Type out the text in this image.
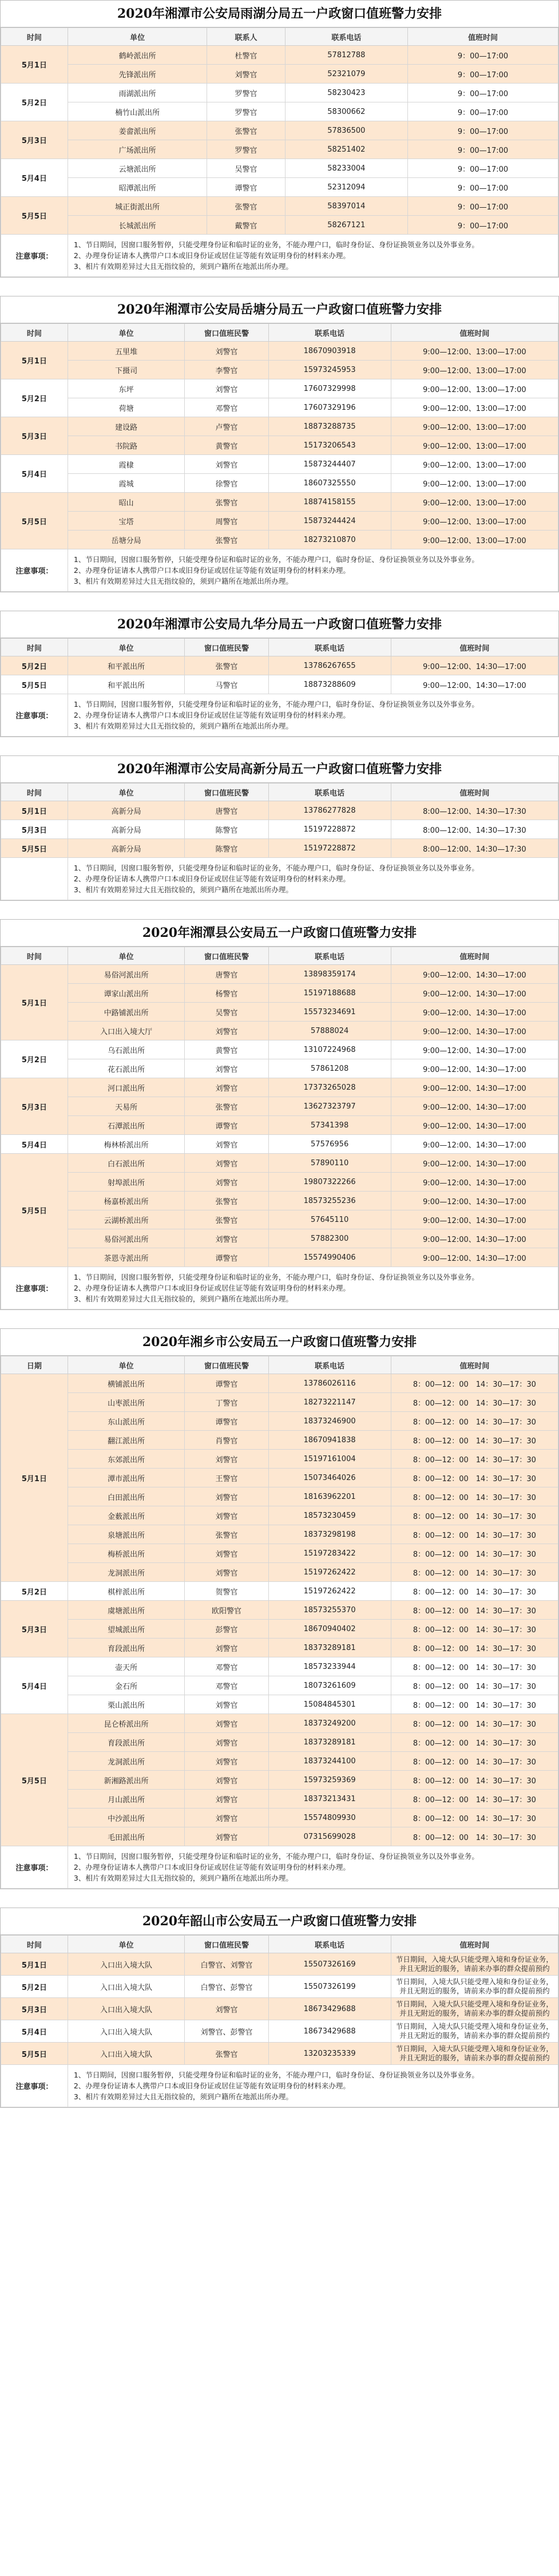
2020年湘潭市公安局雨湖分局五一户政窗口值班警力安排
时间	单位	联系人	联系电话	值班时间
5月1日	鹤岭派出所	杜警官	57812788	9：00—17:00
	先锋派出所	刘警官	52321079	9：00—17:00
5月2日	雨湖派出所	罗警官	58230423	9：00—17:00
	楠竹山派出所	罗警官	58300662	9：00—17:00
5月3日	姜畲派出所	张警官	57836500	9：00—17:00
	广场派出所	罗警官	58251402	9：00—17:00
5月4日	云塘派出所	吴警官	58233004	9：00—17:00
	昭潭派出所	谭警官	52312094	9：00—17:00
5月5日	城正街派出所	张警官	58397014	9：00—17:00
	长城派出所	戴警官	58267121	9：00—17:00
注意事项：	1、节日期间，因窗口服务暂停，只能受理身份证和临时证的业务，不能办理户口，临时身份证、身份证换领业务以及外事业务。
2、办理身份证请本人携带户口本或旧身份证或居住证等能有效证明身份的材料来办理。
3、相片有效期差异过大且无指纹验的，须到户籍所在地派出所办理。			
2020年湘潭市公安局岳塘分局五一户政窗口值班警力安排
时间	单位	窗口值班民警	联系电话	值班时间
5月1日	五里堆	刘警官	18670903918	9:00—12:00、13:00—17:00
	下摄司	李警官	15973245953	9:00—12:00、13:00—17:00
5月2日	东坪	刘警官	17607329998	9:00—12:00、13:00—17:00
	荷塘	邓警官	17607329196	9:00—12:00、13:00—17:00
5月3日	建设路	卢警官	18873288735	9:00—12:00、13:00—17:00
	书院路	黄警官	15173206543	9:00—12:00、13:00—17:00
5月4日	霞棣	刘警官	15873244407	9:00—12:00、13:00—17:00
	霞城	徐警官	18607325550	9:00—12:00、13:00—17:00
5月5日	昭山	张警官	18874158155	9:00—12:00、13:00—17:00
	宝塔	周警官	15873244424	9:00—12:00、13:00—17:00
	岳塘分局	张警官	18273210870	9:00—12:00、13:00—17:00
注意事项：	1、节日期间，因窗口服务暂停，只能受理身份证和临时证的业务，不能办理户口，临时身份证、身份证换领业务以及外事业务。
2、办理身份证请本人携带户口本或旧身份证或居住证等能有效证明身份的材料来办理。
3、相片有效期差异过大且无指纹验的，须到户籍所在地派出所办理。			
2020年湘潭市公安局九华分局五一户政窗口值班警力安排
时间	单位	窗口值班民警	联系电话	值班时间
5月2日	和平派出所	张警官	13786267655	9:00—12:00、14:30—17:00
5月5日	和平派出所	马警官	18873288609	9:00—12:00、14:30—17:00
注意事项：	1、节日期间，因窗口服务暂停，只能受理身份证和临时证的业务，不能办理户口，临时身份证、身份证换领业务以及外事业务。
2、办理身份证请本人携带户口本或旧身份证或居住证等能有效证明身份的材料来办理。
3、相片有效期差异过大且无指纹验的，须到户籍所在地派出所办理。			
2020年湘潭市公安局高新分局五一户政窗口值班警力安排
时间	单位	窗口值班民警	联系电话	值班时间
5月1日	高新分局	唐警官	13786277828	8:00—12:00、14:30—17:30
5月3日	高新分局	陈警官	15197228872	8:00—12:00、14:30—17:30
5月5日	高新分局	陈警官	15197228872	8:00—12:00、14:30—17:30

	1、节日期间，因窗口服务暂停，只能受理身份证和临时证的业务，不能办理户口，临时身份证、身份证换领业务以及外事业务。
2、办理身份证请本人携带户口本或旧身份证或居住证等能有效证明身份的材料来办理。
3、相片有效期差异过大且无指纹验的，须到户籍所在地派出所办理。			
2020年湘潭县公安局五一户政窗口值班警力安排
时间	单位	窗口值班民警	联系电话	值班时间
5月1日	易俗河派出所	唐警官	13898359174	9:00—12:00、14:30—17:00
	谭家山派出所	杨警官	15197188688	9:00—12:00、14:30—17:00
	中路铺派出所	吴警官	15573234691	9:00—12:00、14:30—17:00
	入口出入境大厅	刘警官	57888024	9:00—12:00、14:30—17:00
5月2日	乌石派出所	黄警官	13107224968	9:00—12:00、14:30—17:00
	花石派出所	刘警官	57861208	9:00—12:00、14:30—17:00
5月3日	河口派出所	刘警官	17373265028	9:00—12:00、14:30—17:00
	天易所	张警官	13627323797	9:00—12:00、14:30—17:00
	石潭派出所	谭警官	57341398	9:00—12:00、14:30—17:00
5月4日	梅林桥派出所	刘警官	57576956	9:00—12:00、14:30—17:00
5月5日	白石派出所	刘警官	57890110	9:00—12:00、14:30—17:00
	射埠派出所	刘警官	19807322266	9:00—12:00、14:30—17:00
	杨嘉桥派出所	张警官	18573255236	9:00—12:00、14:30—17:00
	云湖桥派出所	张警官	57645110	9:00—12:00、14:30—17:00
	易俗河派出所	刘警官	57882300	9:00—12:00、14:30—17:00
	茶恩寺派出所	谭警官	15574990406	9:00—12:00、14:30—17:00
注意事项：	1、节日期间，因窗口服务暂停，只能受理身份证和临时证的业务，不能办理户口，临时身份证、身份证换领业务以及外事业务。
2、办理身份证请本人携带户口本或旧身份证或居住证等能有效证明身份的材料来办理。
3、相片有效期差异过大且无指纹验的，须到户籍所在地派出所办理。			
2020年湘乡市公安局五一户政窗口值班警力安排
日期	单位	窗口值班民警	联系电话	值班时间
5月1日	横铺派出所	谭警官	13786026116	8：00—12：00　14：30—17：30
	山枣派出所	丁警官	18273221147	8：00—12：00　14：30—17：30
	东山派出所	谭警官	18373246900	8：00—12：00　14：30—17：30
	翻江派出所	肖警官	18670941838	8：00—12：00　14：30—17：30
	东郊派出所	刘警官	15197161004	8：00—12：00　14：30—17：30
	潭市派出所	王警官	15073464026	8：00—12：00　14：30—17：30
	白田派出所	刘警官	18163962201	8：00—12：00　14：30—17：30
	金薮派出所	刘警官	18573230459	8：00—12：00　14：30—17：30
	泉塘派出所	张警官	18373298198	8：00—12：00　14：30—17：30
	梅桥派出所	刘警官	15197283422	8：00—12：00　14：30—17：30
	龙洞派出所	刘警官	15197262422	8：00—12：00　14：30—17：30
5月2日	棋梓派出所	贺警官	15197262422	8：00—12：00　14：30—17：30
5月3日	虞塘派出所	欧阳警官	18573255370	8：00—12：00　14：30—17：30
	望城派出所	彭警官	18670940402	8：00—12：00　14：30—17：30
	育段派出所	刘警官	18373289181	8：00—12：00　14：30—17：30
5月4日	壶天所	邓警官	18573233944	8：00—12：00　14：30—17：30
	金石所	邓警官	18073261609	8：00—12：00　14：30—17：30
	栗山派出所	刘警官	15084845301	8：00—12：00　14：30—17：30
5月5日	昆仑桥派出所	刘警官	18373249200	8：00—12：00　14：30—17：30
	育段派出所	刘警官	18373289181	8：00—12：00　14：30—17：30
	龙洞派出所	刘警官	18373244100	8：00—12：00　14：30—17：30
	新湘路派出所	刘警官	15973259369	8：00—12：00　14：30—17：30
	月山派出所	刘警官	18373213431	8：00—12：00　14：30—17：30
	中沙派出所	刘警官	15574809930	8：00—12：00　14：30—17：30
	毛田派出所	刘警官	07315699028	8：00—12：00　14：30—17：30
注意事项：	1、节日期间，因窗口服务暂停，只能受理身份证和临时证的业务，不能办理户口，临时身份证、身份证换领业务以及外事业务。
2、办理身份证请本人携带户口本或旧身份证或居住证等能有效证明身份的材料来办理。
3、相片有效期差异过大且无指纹验的，须到户籍所在地派出所办理。			
2020年韶山市公安局五一户政窗口值班警力安排
时间	单位	窗口值班民警	联系电话	值班时间
5月1日	入口出入境大队	白警官、刘警官	15507326169	节日期间，入境大队只能受理入境和身份证业务，并且无附近的服务，请前来办事的群众提前预约
5月2日	入口出入境大队	白警官、彭警官	15507326199	节日期间，入境大队只能受理入境和身份证业务，并且无附近的服务，请前来办事的群众提前预约
5月3日	入口出入境大队	刘警官	18673429688	节日期间，入境大队只能受理入境和身份证业务，并且无附近的服务，请前来办事的群众提前预约
5月4日	入口出入境大队	刘警官、彭警官	18673429688	节日期间，入境大队只能受理入境和身份证业务，并且无附近的服务，请前来办事的群众提前预约
5月5日	入口出入境大队	张警官	13203235339	节日期间，入境大队只能受理入境和身份证业务，并且无附近的服务，请前来办事的群众提前预约
注意事项：	1、节日期间，因窗口服务暂停，只能受理身份证和临时证的业务，不能办理户口，临时身份证、身份证换领业务以及外事业务。
2、办理身份证请本人携带户口本或旧身份证或居住证等能有效证明身份的材料来办理。
3、相片有效期差异过大且无指纹验的，须到户籍所在地派出所办理。			
